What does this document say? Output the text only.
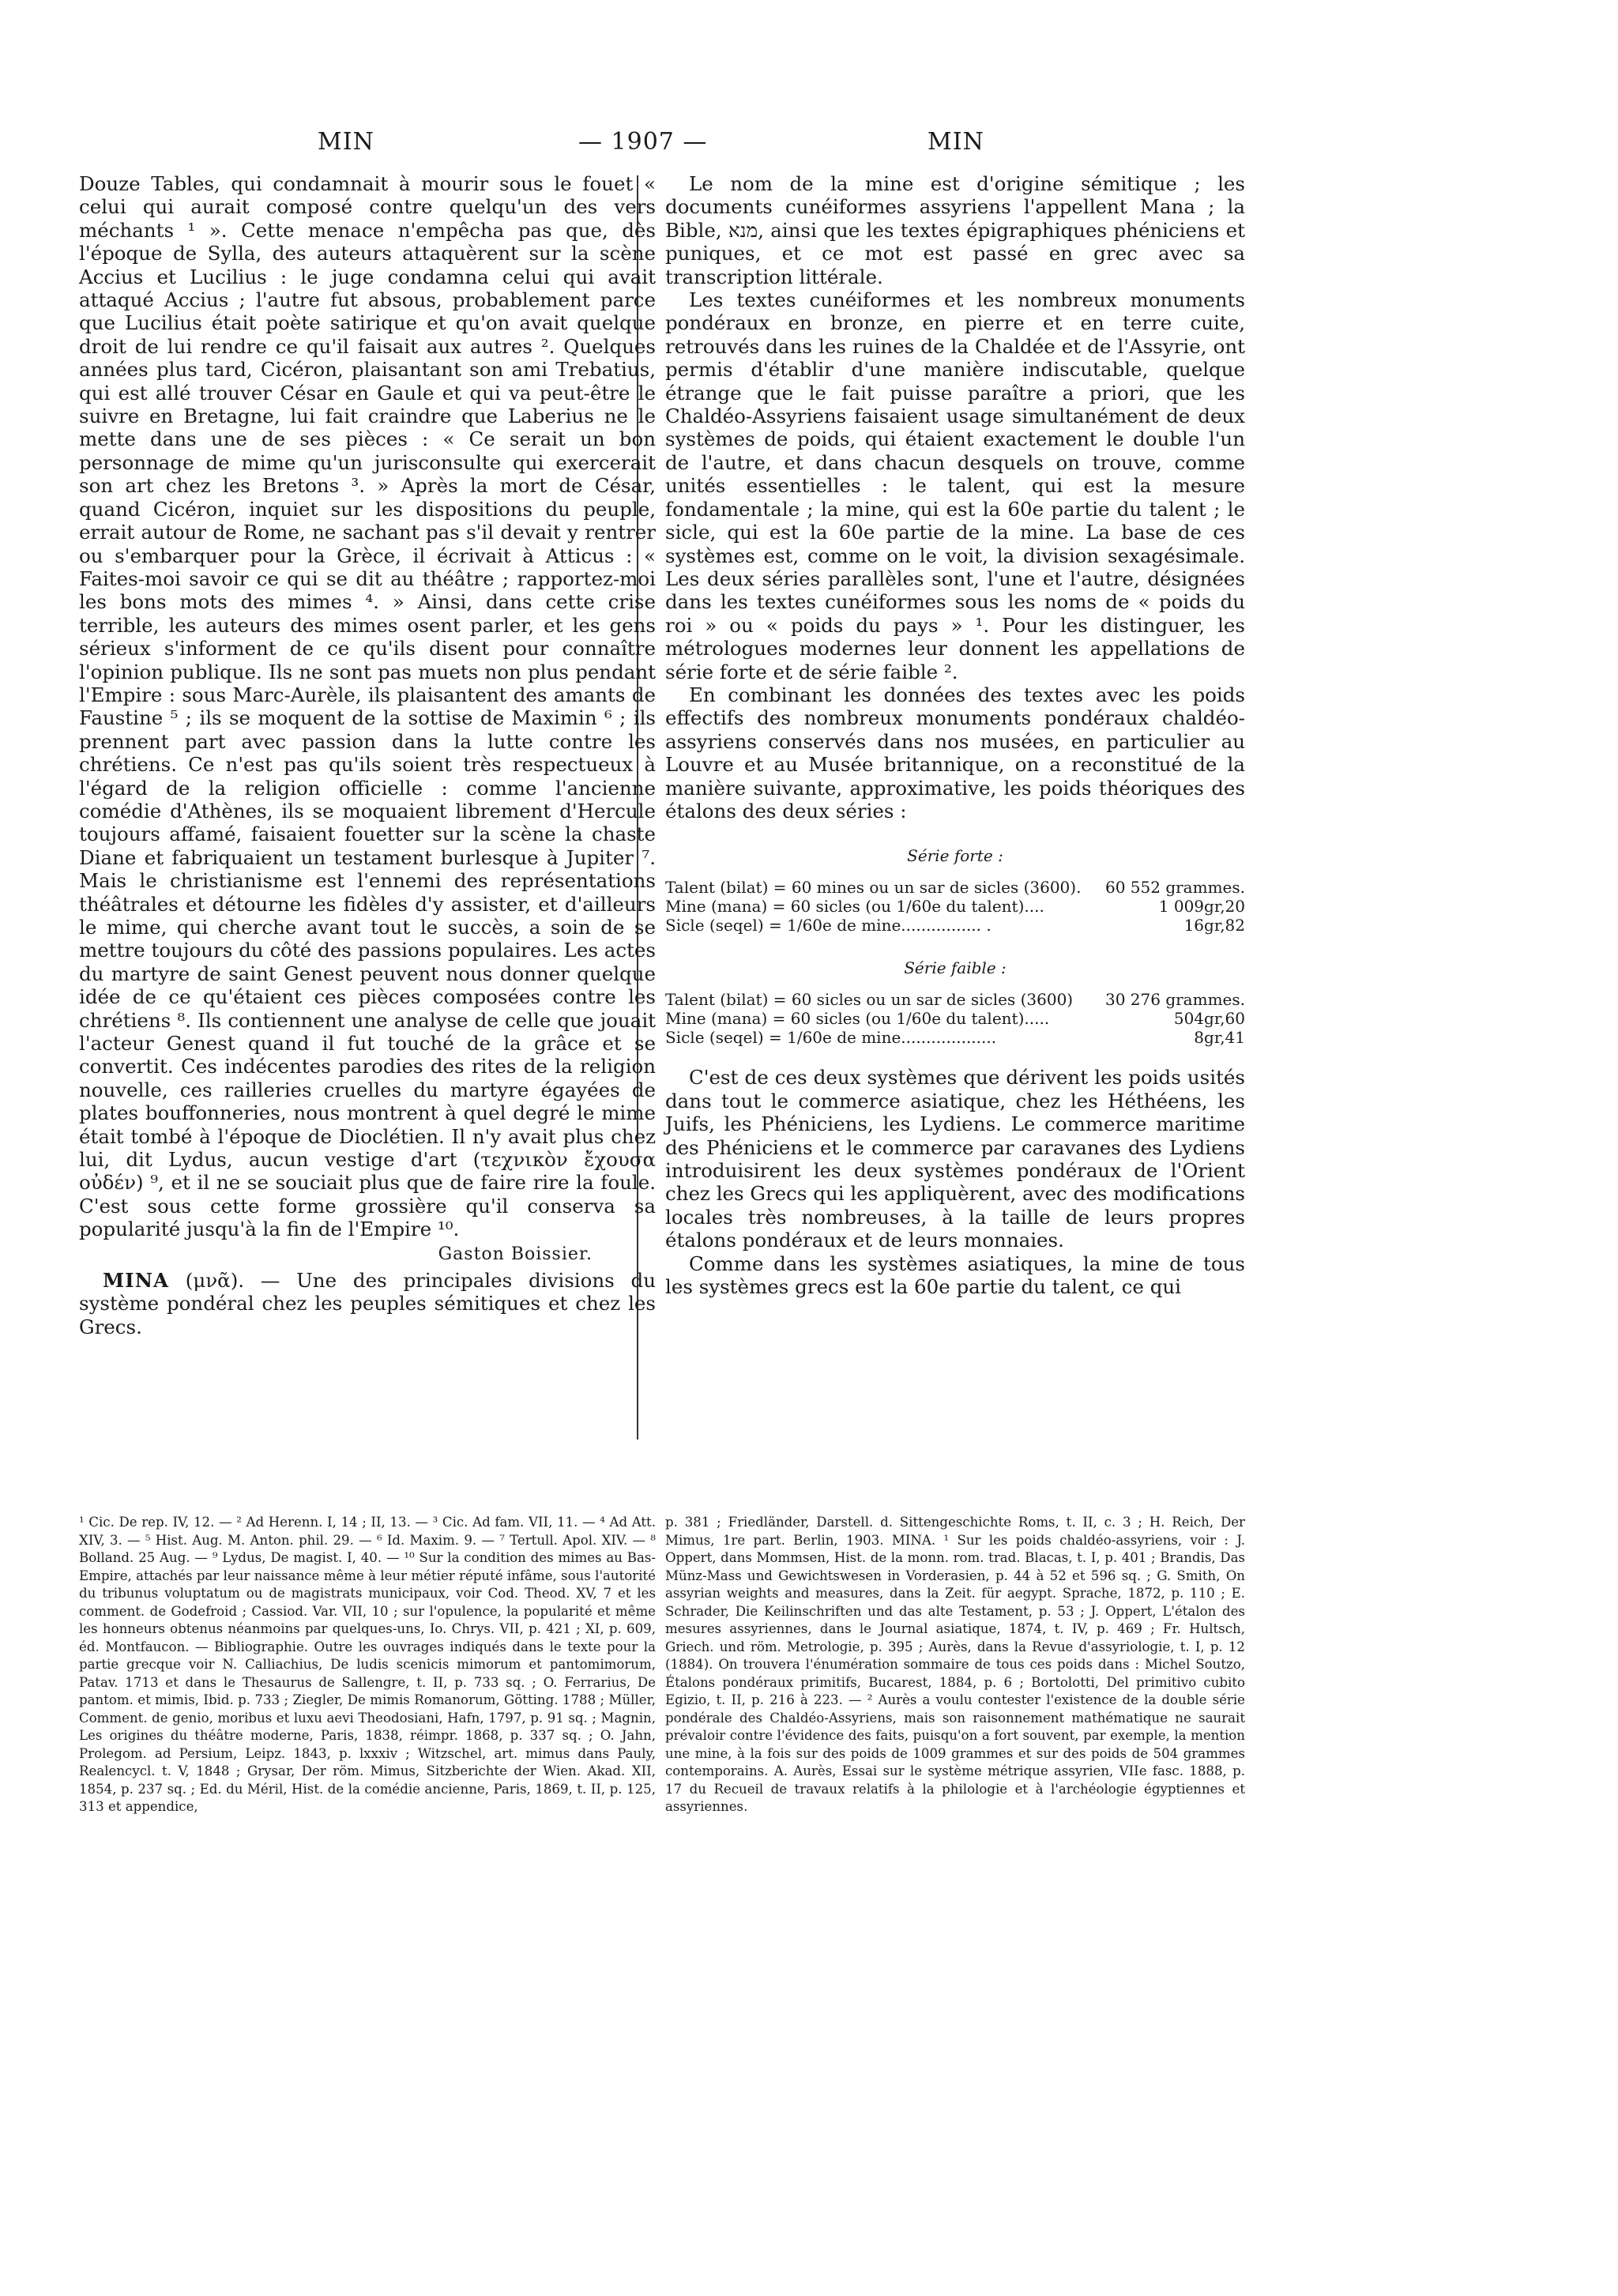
MIN	— 1907 —	MIN

Douze Tables, qui condamnait à mourir sous le fouet « celui qui aurait composé contre quelqu'un des vers méchants ¹ ». Cette menace n'empêcha pas que, dès l'époque de Sylla, des auteurs attaquèrent sur la scène Accius et Lucilius : le juge condamna celui qui avait attaqué Accius ; l'autre fut absous, probablement parce que Lucilius était poète satirique et qu'on avait quelque droit de lui rendre ce qu'il faisait aux autres ². Quelques années plus tard, Cicéron, plaisantant son ami Trebatius, qui est allé trouver César en Gaule et qui va peut-être le suivre en Bretagne, lui fait craindre que Laberius ne le mette dans une de ses pièces : « Ce serait un bon personnage de mime qu'un jurisconsulte qui exercerait son art chez les Bretons ³. » Après la mort de César, quand Cicéron, inquiet sur les dispositions du peuple, errait autour de Rome, ne sachant pas s'il devait y rentrer ou s'embarquer pour la Grèce, il écrivait à Atticus : « Faites-moi savoir ce qui se dit au théâtre ; rapportez-moi les bons mots des mimes ⁴. » Ainsi, dans cette crise terrible, les auteurs des mimes osent parler, et les gens sérieux s'informent de ce qu'ils disent pour connaître l'opinion publique. Ils ne sont pas muets non plus pendant l'Empire : sous Marc-Aurèle, ils plaisantent des amants de Faustine ⁵ ; ils se moquent de la sottise de Maximin ⁶ ; ils prennent part avec passion dans la lutte contre les chrétiens. Ce n'est pas qu'ils soient très respectueux à l'égard de la religion officielle : comme l'ancienne comédie d'Athènes, ils se moquaient librement d'Hercule toujours affamé, faisaient fouetter sur la scène la chaste Diane et fabriquaient un testament burlesque à Jupiter ⁷. Mais le christianisme est l'ennemi des représentations théâtrales et détourne les fidèles d'y assister, et d'ailleurs le mime, qui cherche avant tout le succès, a soin de se mettre toujours du côté des passions populaires. Les actes du martyre de saint Genest peuvent nous donner quelque idée de ce qu'étaient ces pièces composées contre les chrétiens ⁸. Ils contiennent une analyse de celle que jouait l'acteur Genest quand il fut touché de la grâce et se convertit. Ces indécentes parodies des rites de la religion nouvelle, ces railleries cruelles du martyre égayées de plates bouffonneries, nous montrent à quel degré le mime était tombé à l'époque de Dioclétien. Il n'y avait plus chez lui, dit Lydus, aucun vestige d'art (τεχνικὸν ἔχουσα οὐδέν) ⁹, et il ne se souciait plus que de faire rire la foule. C'est sous cette forme grossière qu'il conserva sa popularité jusqu'à la fin de l'Empire ¹⁰.

Gaston Boissier.

MINA (μνᾶ). — Une des principales divisions du système pondéral chez les peuples sémitiques et chez les Grecs.

Le nom de la mine est d'origine sémitique ; les documents cunéiformes assyriens l'appellent Mana ; la Bible, מנא, ainsi que les textes épigraphiques phéniciens et puniques, et ce mot est passé en grec avec sa transcription littérale.

Les textes cunéiformes et les nombreux monuments pondéraux en bronze, en pierre et en terre cuite, retrouvés dans les ruines de la Chaldée et de l'Assyrie, ont permis d'établir d'une manière indiscutable, quelque étrange que le fait puisse paraître a priori, que les Chaldéo-Assyriens faisaient usage simultanément de deux systèmes de poids, qui étaient exactement le double l'un de l'autre, et dans chacun desquels on trouve, comme unités essentielles : le talent, qui est la mesure fondamentale ; la mine, qui est la 60e partie du talent ; le sicle, qui est la 60e partie de la mine. La base de ces systèmes est, comme on le voit, la division sexagésimale. Les deux séries parallèles sont, l'une et l'autre, désignées dans les textes cunéiformes sous les noms de « poids du roi » ou « poids du pays » ¹. Pour les distinguer, les métrologues modernes leur donnent les appellations de série forte et de série faible ².

En combinant les données des textes avec les poids effectifs des nombreux monuments pondéraux chaldéo-assyriens conservés dans nos musées, en particulier au Louvre et au Musée britannique, on a reconstitué de la manière suivante, approximative, les poids théoriques des étalons des deux séries :

Série forte :
Talent (bilat) = 60 mines ou un sar de sicles (3600).	60 552 grammes.
Mine (mana) = 60 sicles (ou 1/60e du talent)....	1 009gr,20
Sicle (seqel) = 1/60e de mine................ .	16gr,82
Série faible :
Talent (bilat) = 60 sicles ou un sar de sicles (3600)	30 276 grammes.
Mine (mana) = 60 sicles (ou 1/60e du talent).....	504gr,60
Sicle (seqel) = 1/60e de mine...................	8gr,41

C'est de ces deux systèmes que dérivent les poids usités dans tout le commerce asiatique, chez les Héthéens, les Juifs, les Phéniciens, les Lydiens. Le commerce maritime des Phéniciens et le commerce par caravanes des Lydiens introduisirent les deux systèmes pondéraux de l'Orient chez les Grecs qui les appliquèrent, avec des modifications locales très nombreuses, à la taille de leurs propres étalons pondéraux et de leurs monnaies.

Comme dans les systèmes asiatiques, la mine de tous les systèmes grecs est la 60e partie du talent, ce qui

¹ Cic. De rep. IV, 12. — ² Ad Herenn. I, 14 ; II, 13. — ³ Cic. Ad fam. VII, 11. — ⁴ Ad Att. XIV, 3. — ⁵ Hist. Aug. M. Anton. phil. 29. — ⁶ Id. Maxim. 9. — ⁷ Tertull. Apol. XIV. — ⁸ Bolland. 25 Aug. — ⁹ Lydus, De magist. I, 40. — ¹⁰ Sur la condition des mimes au Bas-Empire, attachés par leur naissance même à leur métier réputé infâme, sous l'autorité du tribunus voluptatum ou de magistrats municipaux, voir Cod. Theod. XV, 7 et les comment. de Godefroid ; Cassiod. Var. VII, 10 ; sur l'opulence, la popularité et même les honneurs obtenus néanmoins par quelques-uns, Io. Chrys. VII, p. 421 ; XI, p. 609, éd. Montfaucon. — Bibliographie. Outre les ouvrages indiqués dans le texte pour la partie grecque voir N. Calliachius, De ludis scenicis mimorum et pantomimorum, Patav. 1713 et dans le Thesaurus de Sallengre, t. II, p. 733 sq. ; O. Ferrarius, De pantom. et mimis, Ibid. p. 733 ; Ziegler, De mimis Romanorum, Götting. 1788 ; Müller, Comment. de genio, moribus et luxu aevi Theodosiani, Hafn, 1797, p. 91 sq. ; Magnin, Les origines du théâtre moderne, Paris, 1838, réimpr. 1868, p. 337 sq. ; O. Jahn, Prolegom. ad Persium, Leipz. 1843, p. lxxxiv ; Witzschel, art. mimus dans Pauly, Realencycl. t. V, 1848 ; Grysar, Der röm. Mimus, Sitzberichte der Wien. Akad. XII, 1854, p. 237 sq. ; Ed. du Méril, Hist. de la comédie ancienne, Paris, 1869, t. II, p. 125, 313 et appendice,

p. 381 ; Friedländer, Darstell. d. Sittengeschichte Roms, t. II, c. 3 ; H. Reich, Der Mimus, 1re part. Berlin, 1903. MINA. ¹ Sur les poids chaldéo-assyriens, voir : J. Oppert, dans Mommsen, Hist. de la monn. rom. trad. Blacas, t. I, p. 401 ; Brandis, Das Münz-Mass und Gewichtswesen in Vorderasien, p. 44 à 52 et 596 sq. ; G. Smith, On assyrian weights and measures, dans la Zeit. für aegypt. Sprache, 1872, p. 110 ; E. Schrader, Die Keilinschriften und das alte Testament, p. 53 ; J. Oppert, L'étalon des mesures assyriennes, dans le Journal asiatique, 1874, t. IV, p. 469 ; Fr. Hultsch, Griech. und röm. Metrologie, p. 395 ; Aurès, dans la Revue d'assyriologie, t. I, p. 12 (1884). On trouvera l'énumération sommaire de tous ces poids dans : Michel Soutzo, Étalons pondéraux primitifs, Bucarest, 1884, p. 6 ; Bortolotti, Del primitivo cubito Egizio, t. II, p. 216 à 223. — ² Aurès a voulu contester l'existence de la double série pondérale des Chaldéo-Assyriens, mais son raisonnement mathématique ne saurait prévaloir contre l'évidence des faits, puisqu'on a fort souvent, par exemple, la mention une mine, à la fois sur des poids de 1009 grammes et sur des poids de 504 grammes contemporains. A. Aurès, Essai sur le système métrique assyrien, VIIe fasc. 1888, p. 17 du Recueil de travaux relatifs à la philologie et à l'archéologie égyptiennes et assyriennes.
